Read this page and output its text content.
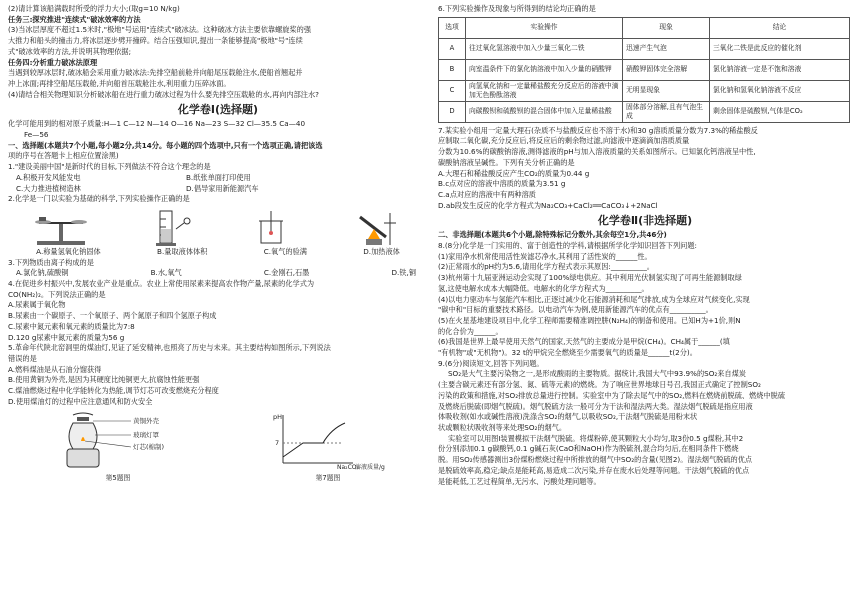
(2)请计算该船满载时所受的浮力大小;(取g=10 N/kg)
任务三:探究推进"连续式"破冰效率的方法
(3)当冰层厚度不超过1.5米时,"极地"号运用"连续式"破冰法。这种破冰方法主要依靠螺旋桨的强
大推力和船头的撞击力,将冰层逐步劈开撞碎。结合压强知识,提出一条能够提高"极地"号"连续
式"破冰效率的方法,并说明其物理依据;
任务四:分析重力破冰法原理
当遇到较厚冰层时,破冰船会采用重力破冰法:先排空船前舱并向船尾压载舱注水,使船首翘起并
冲上冰面;再排空船尾压载舱,并向船首压载舱注水,利用重力压碎冰面。
(4)请结合相关物理知识分析破冰船在进行重力破冰过程为什么要先排空压载舱的水,再向内部注水?
化学卷Ⅰ(选择题)
化学可能用到的相对原子质量:H—1 C—12 N—14 O—16 Na—23 S—32 Cl—35.5 Ca—40
Fe—56
一、选择题(本题共7个小题,每小题2分,共14分。每小题的四个选项中,只有一个选项正确,请把该选
项的序号在答题卡上相应位置涂黑)
1."建设美丽中国"是新时代的目标,下列做法不符合这个理念的是
A.积极开发风能发电	B.纸张单面打印使用
C.大力推进植树造林	D.倡导家用新能源汽车
2.化学是一门以实验为基础的科学,下列实验操作正确的是
A.称量氢氧化钠固体	B.量取液体体积	C.氧气的验满	D.加热液体
3.下列物质由离子构成的是
A.氯化钠,硫酸铜	B.水,氧气	C.金刚石,石墨	D.铁,铜
4.在促进乡村振兴中,发展农业产业是重点。农业上常使用尿素来提高农作物产量,尿素的化学式为
CO(NH₂)₂。下列说法正确的是
A.尿素属于氧化物
B.尿素由一个碳原子、一个氧原子、两个氮原子和四个氢原子构成
C.尿素中氮元素和氧元素的质量比为7:8
D.120 g尿素中氮元素的质量为56 g
5.革命年代陕北窑洞里的煤油灯,见证了延安精神,也照亮了历史与未来。其主要结构如图所示,下列说法
错误的是
A.燃料煤油是从石油分馏获得
B.使用黄铜为外壳,是因为其硬度比纯铜更大,抗腐蚀性能更强
C.煤油燃烧过程中化学能转化为热能,调节灯芯可改变燃烧充分程度
D.使用煤油灯的过程中应注意通风和防火安全
黄铜外壳
玻璃灯罩
灯芯(棉制)
第5题图
pH
7
Na₂CO₃
溶液质量/g
第7题图
6.下列实验操作及现象与所得到的结论均正确的是
选项	实验操作	现象	结论
A	往过氧化氢溶液中加入少量三氧化二铁	迅速产生气泡	三氧化二铁是此反应的催化剂
B	向室温条件下的氯化钠溶液中加入少量的硝酸钾	硝酸钾固体完全溶解	氯化钠溶液一定是不饱和溶液
C	向氢氧化钠和一定量稀盐酸充分反应后的溶液中滴加无色酚酞溶液	无明显现象	氯化钠和氢氧化钠溶液不反应
D	向碳酸钡和硫酸钡的混合固体中加入足量稀盐酸	固体部分溶解,且有气泡生成	剩余固体是硫酸钡,气体是CO₂
7.某实验小组用一定量大理石(杂质不与盐酸反应也不溶于水)和30 g溶质质量分数为7.3%的稀盐酸反
应制取二氧化碳,充分反应后,将反应后的剩余物过滤,向滤液中逐滴滴加溶质质量
分数为10.6%的碳酸钠溶液,测得滤液的pH与加入溶液质量的关系如图所示。已知氯化钙溶液呈中性,
碳酸钠溶液呈碱性。下列有关分析正确的是
A.大理石和稀盐酸反应产生CO₂的质量为0.44 g
B.c点对应的溶液中溶质的质量为3.51 g
C.a点对应的溶液中有两种溶质
D.ab段发生反应的化学方程式为Na₂CO₃+CaCl₂══CaCO₃↓+2NaCl
化学卷Ⅱ(非选择题)
二、非选择题(本题共6个小题,除特殊标记分数外,其余每空1分,共46分)
8.(8分)化学是一门实用的、富于创造性的学科,请根据所学化学知识回答下列问题:
(1)家用净水机常使用活性炭滤芯净水,其利用了活性炭的______性。
(2)正常雨水的pH约为5.6,请用化学方程式表示其原因:__________。
(3)杭州第十九届亚洲运动会实现了100%绿电供应。其中利用光伏制氢实现了可再生能源制取绿
氢,这使电解水成本大幅降低。电解水的化学方程式为__________。
(4)以电力驱动车与氢能汽车相比,正逐过减少化石能源消耗和尾气排放,成为全球应对气候变化,实现
"碳中和"目标的重要技术路径。以电动汽车为例,使用新能源汽车的优点有__________。
(5)在火星基地建设项目中,化学工程师需要精准调控肼(N₂H₄)的制备和使用。已知H为+1价,则N
的化合价为______。
(6)我国是世界上最早使用天然气的国家,天然气的主要成分是甲烷(CH₄)。CH₄属于______(填
"有机物"或"无机物")。32 t的甲烷完全燃烧至少需要氧气的质量是______t(2分)。
9.(6分)阅读短文,回答下列问题。
SO₂是大气主要污染物之一,是形成酸雨的主要物质。据统计,我国大气中93.9%的SO₂来自煤炭
(主要含碳元素还有部分氢、氮、硫等元素)的燃烧。为了响应世界地球日号召,我国正式确定了控制SO₂
污染的政策和措施,对SO₂排放总量进行控制。实验室中为了除去尾气中的SO₂,燃料在燃烧前脱硫、燃烧中脱硫
及燃烧后脱硫(即烟气脱硫)。烟气脱硫方法一般可分为干法和湿法两大类。湿法烟气脱硫是指应用液
体吸收剂(如水或碱性溶液)洗涤含SO₂的烟气,以吸收SO₂,干法烟气脱硫是用粉末状
状或颗粒状吸收剂等来处理SO₂的烟气。
实验室可以用图Ⅰ装置模拟干法烟气脱硫。将煤粉碎,使其颗粒大小均匀,取3份0.5 g煤粉,其中2
份分别添加0.1 g碳酸钙,0.1 g碱石灰(CaO和NaOH)作为脱硫剂,混合均匀后,在相同条件下燃烧
脱。用SO₂传感器测出3份煤粉燃烧过程中所排放的烟气中SO₂的含量(见图2)。湿法烟气脱硫的优点
是脱硫效率高,稳定;缺点是能耗高,易造成二次污染,并存在废水后处理等问题。干法烟气脱硫的优点
是能耗低,工艺过程简单,无污水、污酸处理问题等。
